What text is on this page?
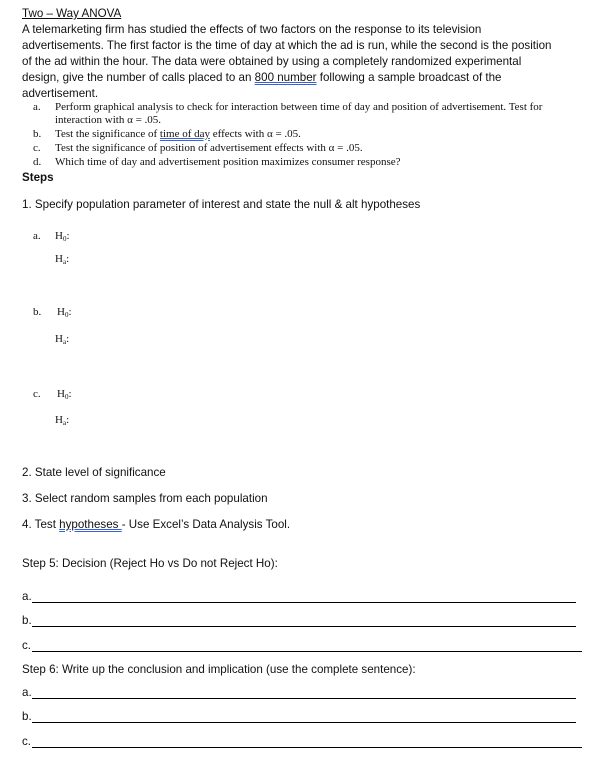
Two – Way ANOVA
A telemarketing firm has studied the effects of two factors on the response to its television
advertisements. The first factor is the time of day at which the ad is run, while the second is the position
of the ad within the hour. The data were obtained by using a completely randomized experimental
design, give the number of calls placed to an 800 number following a sample broadcast of the
advertisement.
a. Perform graphical analysis to check for interaction between time of day and position of advertisement. Test for
interaction with α = .05.
b. Test the significance of time of day effects with α = .05.
c. Test the significance of position of advertisement effects with α = .05.
d. Which time of day and advertisement position maximizes consumer response?
Steps
1. Specify population parameter of interest and state the null & alt hypotheses
a. $H_0$:
$H_a$:
b. $H_0$:
$H_a$:
c. $H_0$:
$H_a$:
2. State level of significance
3. Select random samples from each population
4. Test hypotheses - Use Excel’s Data Analysis Tool.
Step 5: Decision (Reject Ho vs Do not Reject Ho):
a.
b.
c.
Step 6: Write up the conclusion and implication (use the complete sentence):
a.
b.
c.
